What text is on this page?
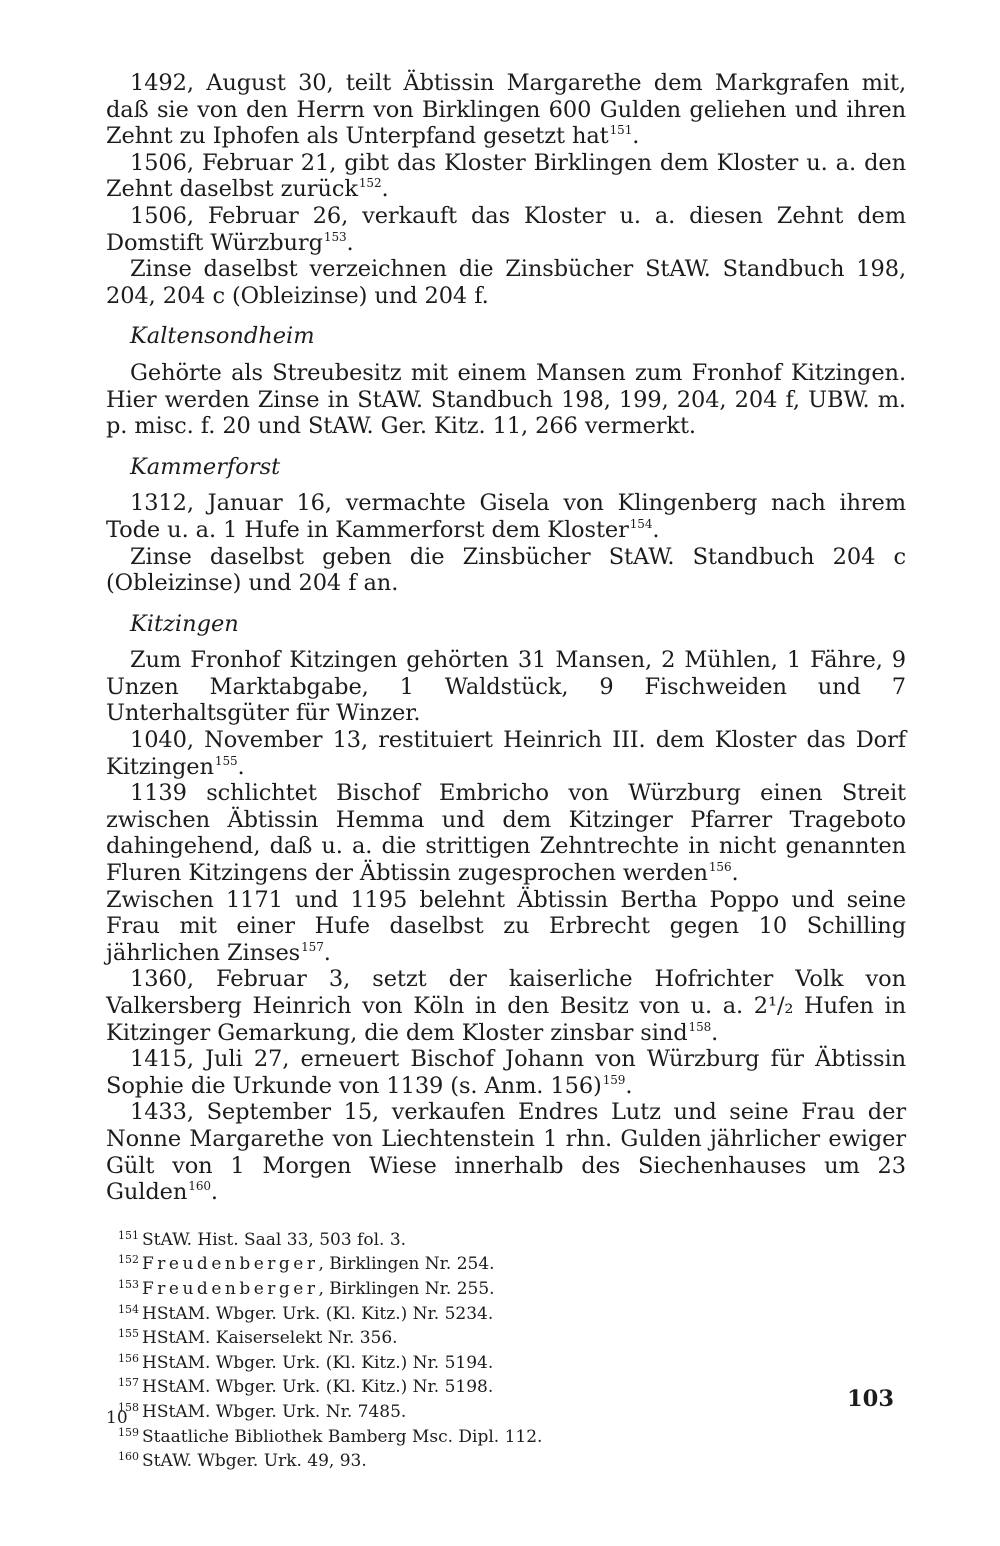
1492, August 30, teilt Äbtissin Margarethe dem Markgrafen mit, daß sie von den Herrn von Birklingen 600 Gulden geliehen und ihren Zehnt zu Iphofen als Unterpfand gesetzt hat$^{151}$.

1506, Februar 21, gibt das Kloster Birklingen dem Kloster u. a. den Zehnt daselbst zurück$^{152}$.

1506, Februar 26, verkauft das Kloster u. a. diesen Zehnt dem Domstift Würzburg$^{153}$.

Zinse daselbst verzeichnen die Zinsbücher StAW. Standbuch 198, 204, 204 c (Obleizinse) und 204 f.

Kaltensondheim

Gehörte als Streubesitz mit einem Mansen zum Fronhof Kitzingen. Hier werden Zinse in StAW. Standbuch 198, 199, 204, 204 f, UBW. m. p. misc. f. 20 und StAW. Ger. Kitz. 11, 266 vermerkt.

Kammerforst

1312, Januar 16, vermachte Gisela von Klingenberg nach ihrem Tode u. a. 1 Hufe in Kammerforst dem Kloster$^{154}$.

Zinse daselbst geben die Zinsbücher StAW. Standbuch 204 c (Obleizinse) und 204 f an.

Kitzingen

Zum Fronhof Kitzingen gehörten 31 Mansen, 2 Mühlen, 1 Fähre, 9 Unzen Marktabgabe, 1 Waldstück, 9 Fischweiden und 7 Unterhaltsgüter für Winzer.

1040, November 13, restituiert Heinrich III. dem Kloster das Dorf Kitzingen$^{155}$.

1139 schlichtet Bischof Embricho von Würzburg einen Streit zwischen Äbtissin Hemma und dem Kitzinger Pfarrer Trageboto dahingehend, daß u. a. die strittigen Zehntrechte in nicht genannten Fluren Kitzingens der Äbtissin zugesprochen werden$^{156}$.

Zwischen 1171 und 1195 belehnt Äbtissin Bertha Poppo und seine Frau mit einer Hufe daselbst zu Erbrecht gegen 10 Schilling jährlichen Zinses$^{157}$.

1360, Februar 3, setzt der kaiserliche Hofrichter Volk von Valkersberg Heinrich von Köln in den Besitz von u. a. 2¹/₂ Hufen in Kitzinger Gemarkung, die dem Kloster zinsbar sind$^{158}$.

1415, Juli 27, erneuert Bischof Johann von Würzburg für Äbtissin Sophie die Urkunde von 1139 (s. Anm. 156)$^{159}$.

1433, September 15, verkaufen Endres Lutz und seine Frau der Nonne Margarethe von Liechtenstein 1 rhn. Gulden jährlicher ewiger Gült von 1 Morgen Wiese innerhalb des Siechenhauses um 23 Gulden$^{160}$.

151 StAW. Hist. Saal 33, 503 fol. 3.
152 Freudenberger, Birklingen Nr. 254.
153 Freudenberger, Birklingen Nr. 255.
154 HStAM. Wbger. Urk. (Kl. Kitz.) Nr. 5234.
155 HStAM. Kaiserselekt Nr. 356.
156 HStAM. Wbger. Urk. (Kl. Kitz.) Nr. 5194.
157 HStAM. Wbger. Urk. (Kl. Kitz.) Nr. 5198.
158 HStAM. Wbger. Urk. Nr. 7485.
159 Staatliche Bibliothek Bamberg Msc. Dipl. 112.
160 StAW. Wbger. Urk. 49, 93.
103
10
